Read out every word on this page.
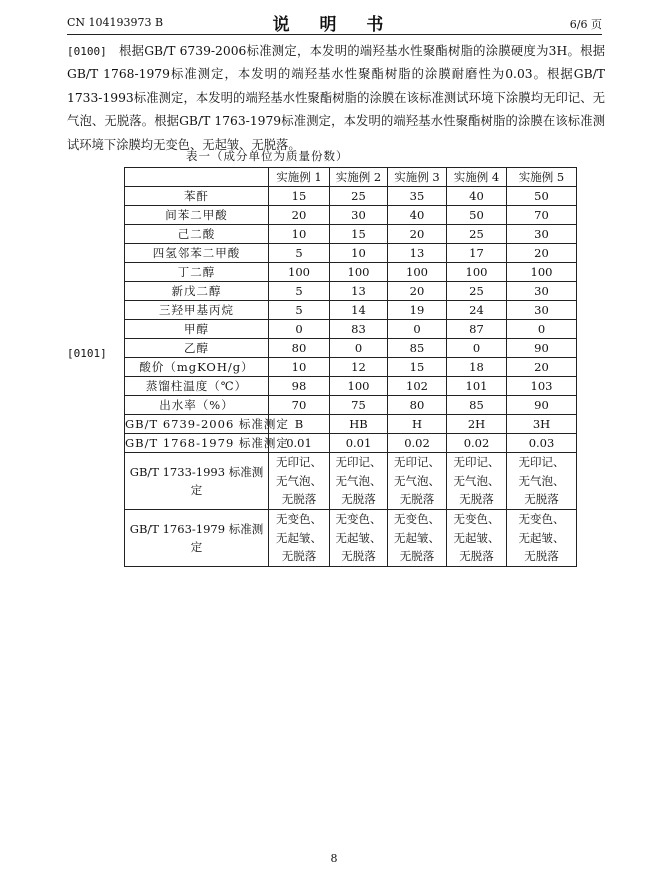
CN 104193973 B	说 明 书	6/6 页
[0100] 根据GB/T 6739-2006标准测定，本发明的端羟基水性聚酯树脂的涂膜硬度为3H。根据GB/T 1768-1979标准测定，本发明的端羟基水性聚酯树脂的涂膜耐磨性为0.03。根据GB/T 1733-1993标准测定，本发明的端羟基水性聚酯树脂的涂膜在该标准测试环境下涂膜均无印记、无气泡、无脱落。根据GB/T 1763-1979标准测定，本发明的端羟基水性聚酯树脂的涂膜在该标准测试环境下涂膜均无变色、无起皱、无脱落。
表一（成分单位为质量份数）
[0101]
	实施例 1	实施例 2	实施例 3	实施例 4	实施例 5
苯酐	15	25	35	40	50
间苯二甲酸	20	30	40	50	70
己二酸	10	15	20	25	30
四氢邻苯二甲酸	5	10	13	17	20
丁二醇	100	100	100	100	100
新戊二醇	5	13	20	25	30
三羟甲基丙烷	5	14	19	24	30
甲醇	0	83	0	87	0
乙醇	80	0	85	0	90
酸价（mgKOH/g）	10	12	15	18	20
蒸馏柱温度（℃）	98	100	102	101	103
出水率（%）	70	75	80	85	90
GB/T 6739-2006 标准测定	B	HB	H	2H	3H
GB/T 1768-1979 标准测定	0.01	0.01	0.02	0.02	0.03
GB/T 1733-1993 标准测定	无印记、
无气泡、
无脱落	无印记、
无气泡、
无脱落	无印记、
无气泡、
无脱落	无印记、
无气泡、
无脱落	无印记、
无气泡、
无脱落

GB/T 1763-1979 标准测定	无变色、
无起皱、
无脱落	无变色、
无起皱、
无脱落	无变色、
无起皱、
无脱落	无变色、
无起皱、
无脱落	无变色、
无起皱、
无脱落
8
